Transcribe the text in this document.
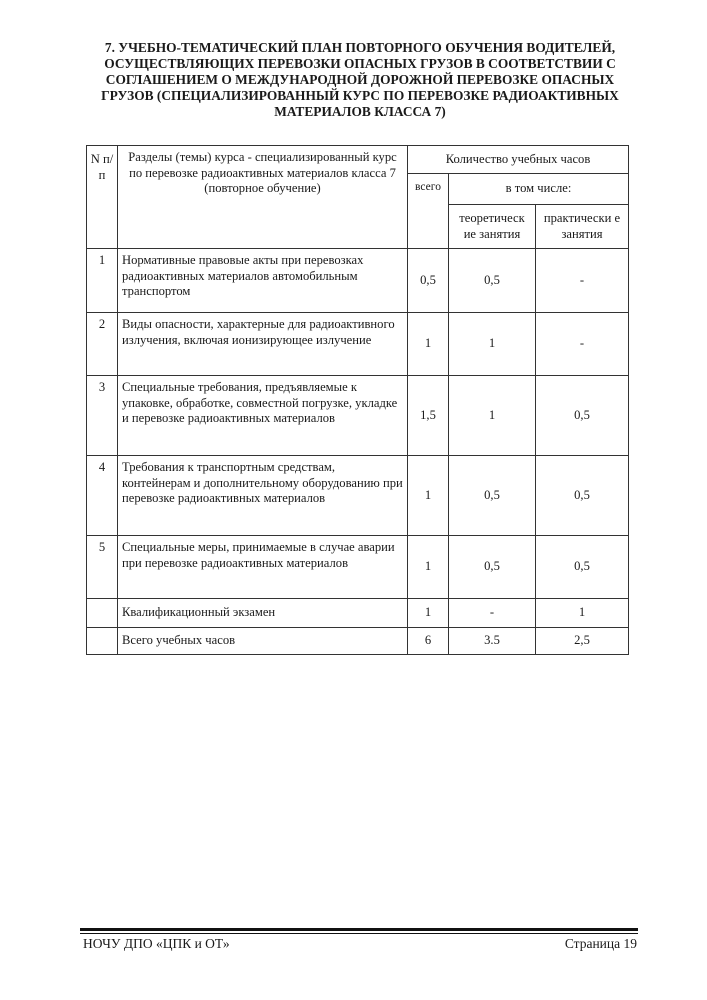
7. УЧЕБНО-ТЕМАТИЧЕСКИЙ ПЛАН ПОВТОРНОГО ОБУЧЕНИЯ ВОДИТЕЛЕЙ,
ОСУЩЕСТВЛЯЮЩИХ ПЕРЕВОЗКИ ОПАСНЫХ ГРУЗОВ В СООТВЕТСТВИИ С
СОГЛАШЕНИЕМ О МЕЖДУНАРОДНОЙ ДОРОЖНОЙ ПЕРЕВОЗКЕ ОПАСНЫХ
ГРУЗОВ (СПЕЦИАЛИЗИРОВАННЫЙ КУРС ПО ПЕРЕВОЗКЕ РАДИОАКТИВНЫХ
МАТЕРИАЛОВ КЛАССА 7)
N п/п	Разделы (темы) курса - специализированный курс по перевозке радиоактивных материалов класса 7 (повторное обучение)	Количество учебных часов		
		всего	в том числе:	
			теоретическ ие занятия	практически е занятия
1	Нормативные правовые акты при перевозках радиоактивных материалов автомобильным транспортом	0,5	0,5	-
2	Виды опасности, характерные для радиоактивного излучения, включая ионизирующее излучение	1	1	-
3	Специальные требования, предъявляемые к упаковке, обработке, совместной погрузке, укладке и перевозке радиоактивных материалов	1,5	1	0,5
4	Требования к транспортным средствам, контейнерам и дополнительному оборудованию при перевозке радиоактивных материалов	1	0,5	0,5
5	Специальные меры, принимаемые в случае аварии при перевозке радиоактивных материалов	1	0,5	0,5
	Квалификационный экзамен	1	-	1
	Всего учебных часов	6	3.5	2,5
НОЧУ ДПО «ЦПК и ОТ»	Страница 19
